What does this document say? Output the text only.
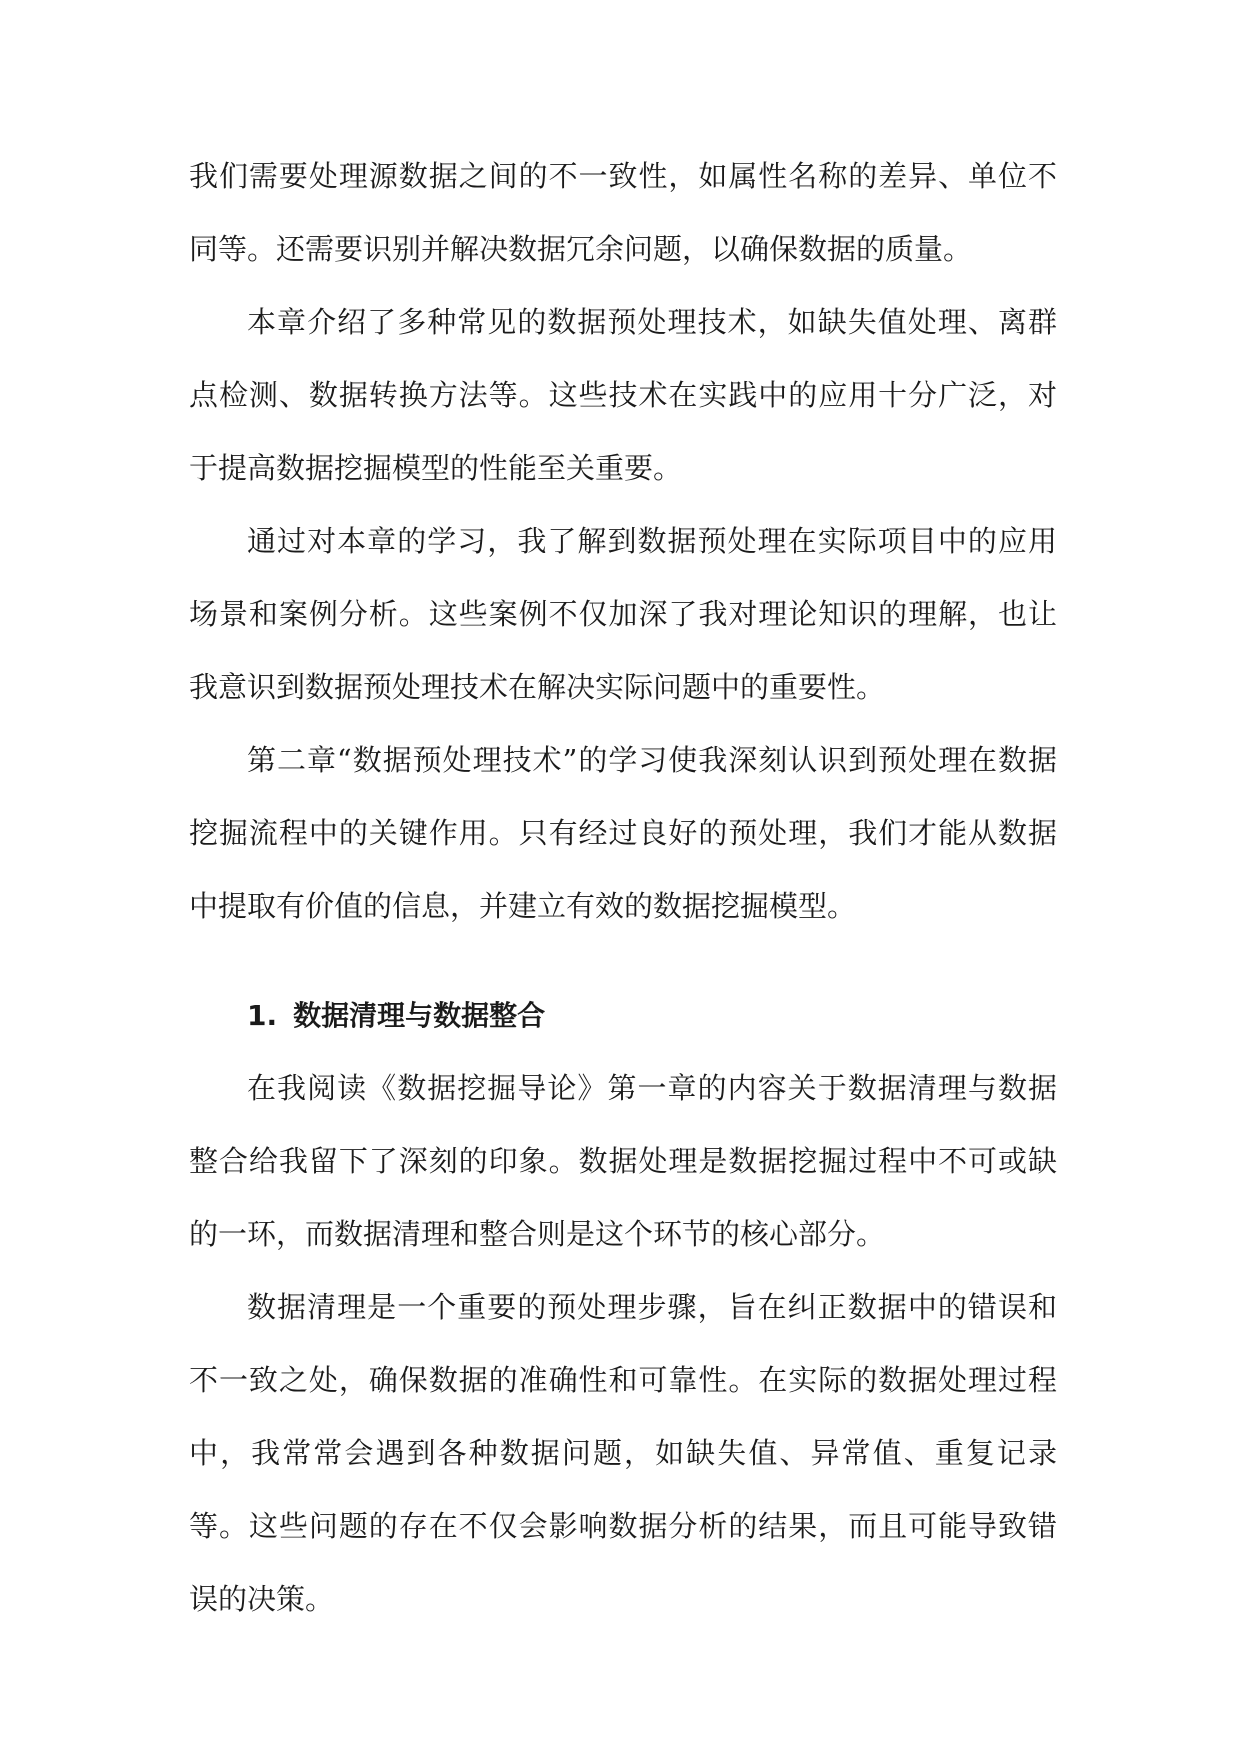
我们需要处理源数据之间的不一致性，如属性名称的差异、单位不同等。还需要识别并解决数据冗余问题，以确保数据的质量。

本章介绍了多种常见的数据预处理技术，如缺失值处理、离群点检测、数据转换方法等。这些技术在实践中的应用十分广泛，对于提高数据挖掘模型的性能至关重要。

通过对本章的学习，我了解到数据预处理在实际项目中的应用场景和案例分析。这些案例不仅加深了我对理论知识的理解，也让我意识到数据预处理技术在解决实际问题中的重要性。

第二章“数据预处理技术”的学习使我深刻认识到预处理在数据挖掘流程中的关键作用。只有经过良好的预处理，我们才能从数据中提取有价值的信息，并建立有效的数据挖掘模型。

1. 数据清理与数据整合

在我阅读《数据挖掘导论》第一章的内容关于数据清理与数据整合给我留下了深刻的印象。数据处理是数据挖掘过程中不可或缺的一环，而数据清理和整合则是这个环节的核心部分。

数据清理是一个重要的预处理步骤，旨在纠正数据中的错误和不一致之处，确保数据的准确性和可靠性。在实际的数据处理过程中，我常常会遇到各种数据问题，如缺失值、异常值、重复记录等。这些问题的存在不仅会影响数据分析的结果，而且可能导致错误的决策。
